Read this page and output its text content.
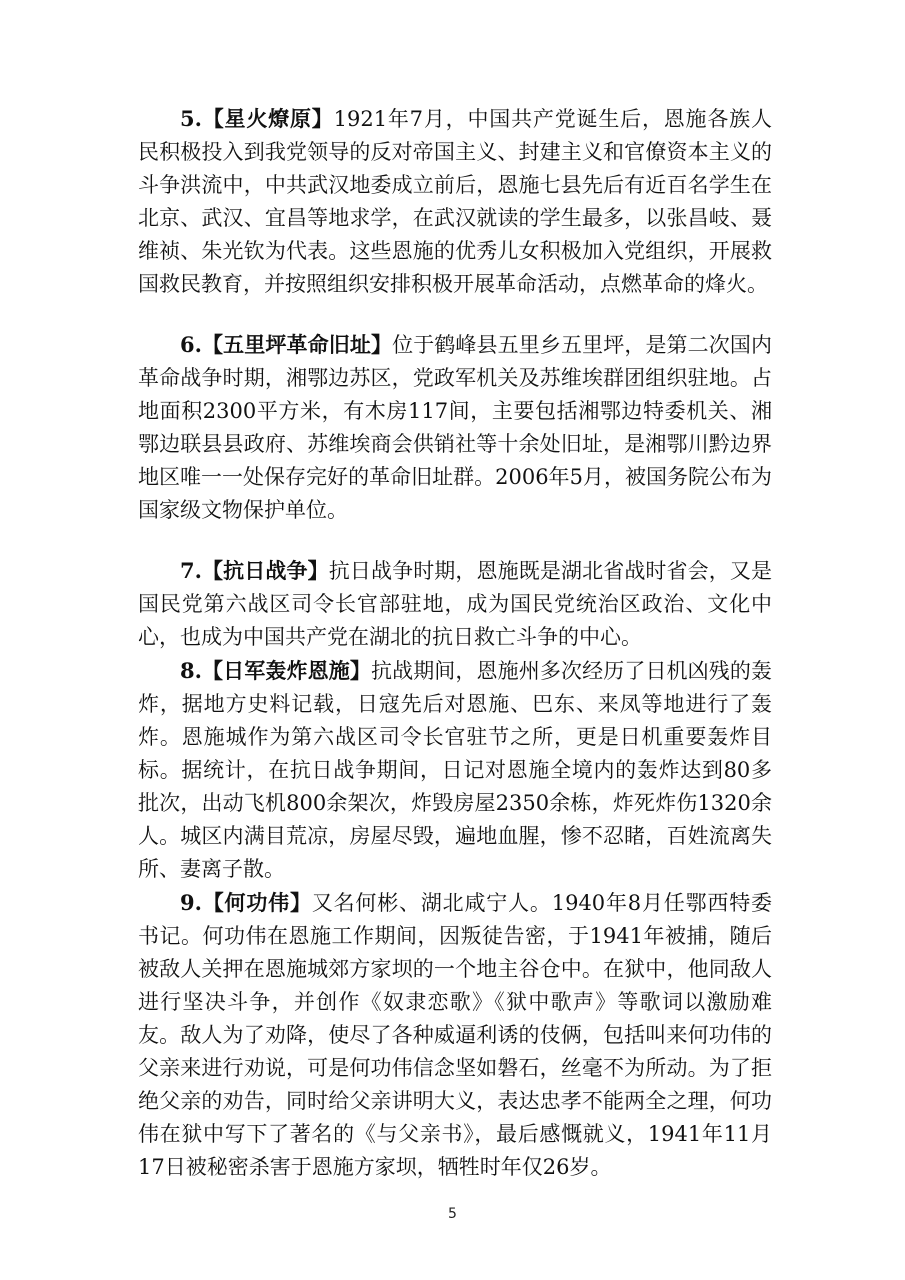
5.【星火燎原】1921年7月，中国共产党诞生后，恩施各族人民积极投入到我党领导的反对帝国主义、封建主义和官僚资本主义的斗争洪流中，中共武汉地委成立前后，恩施七县先后有近百名学生在北京、武汉、宜昌等地求学，在武汉就读的学生最多，以张昌岐、聂维祯、朱光钦为代表。这些恩施的优秀儿女积极加入党组织，开展救国救民教育，并按照组织安排积极开展革命活动，点燃革命的烽火。

6.【五里坪革命旧址】位于鹤峰县五里乡五里坪，是第二次国内革命战争时期，湘鄂边苏区，党政军机关及苏维埃群团组织驻地。占地面积2300平方米，有木房117间，主要包括湘鄂边特委机关、湘鄂边联县县政府、苏维埃商会供销社等十余处旧址，是湘鄂川黔边界地区唯一一处保存完好的革命旧址群。2006年5月，被国务院公布为国家级文物保护单位。

7.【抗日战争】抗日战争时期，恩施既是湖北省战时省会，又是国民党第六战区司令长官部驻地，成为国民党统治区政治、文化中心，也成为中国共产党在湖北的抗日救亡斗争的中心。

8.【日军轰炸恩施】抗战期间，恩施州多次经历了日机凶残的轰炸，据地方史料记载，日寇先后对恩施、巴东、来凤等地进行了轰炸。恩施城作为第六战区司令长官驻节之所，更是日机重要轰炸目标。据统计，在抗日战争期间，日记对恩施全境内的轰炸达到80多批次，出动飞机800余架次，炸毁房屋2350余栋，炸死炸伤1320余人。城区内满目荒凉，房屋尽毁，遍地血腥，惨不忍睹，百姓流离失所、妻离子散。

9.【何功伟】又名何彬、湖北咸宁人。1940年8月任鄂西特委书记。何功伟在恩施工作期间，因叛徒告密，于1941年被捕，随后被敌人关押在恩施城郊方家坝的一个地主谷仓中。在狱中，他同敌人进行坚决斗争，并创作《奴隶恋歌》《狱中歌声》等歌词以激励难友。敌人为了劝降，使尽了各种威逼利诱的伎俩，包括叫来何功伟的父亲来进行劝说，可是何功伟信念坚如磐石，丝毫不为所动。为了拒绝父亲的劝告，同时给父亲讲明大义，表达忠孝不能两全之理，何功伟在狱中写下了著名的《与父亲书》，最后感慨就义，1941年11月17日被秘密杀害于恩施方家坝，牺牲时年仅26岁。

5
